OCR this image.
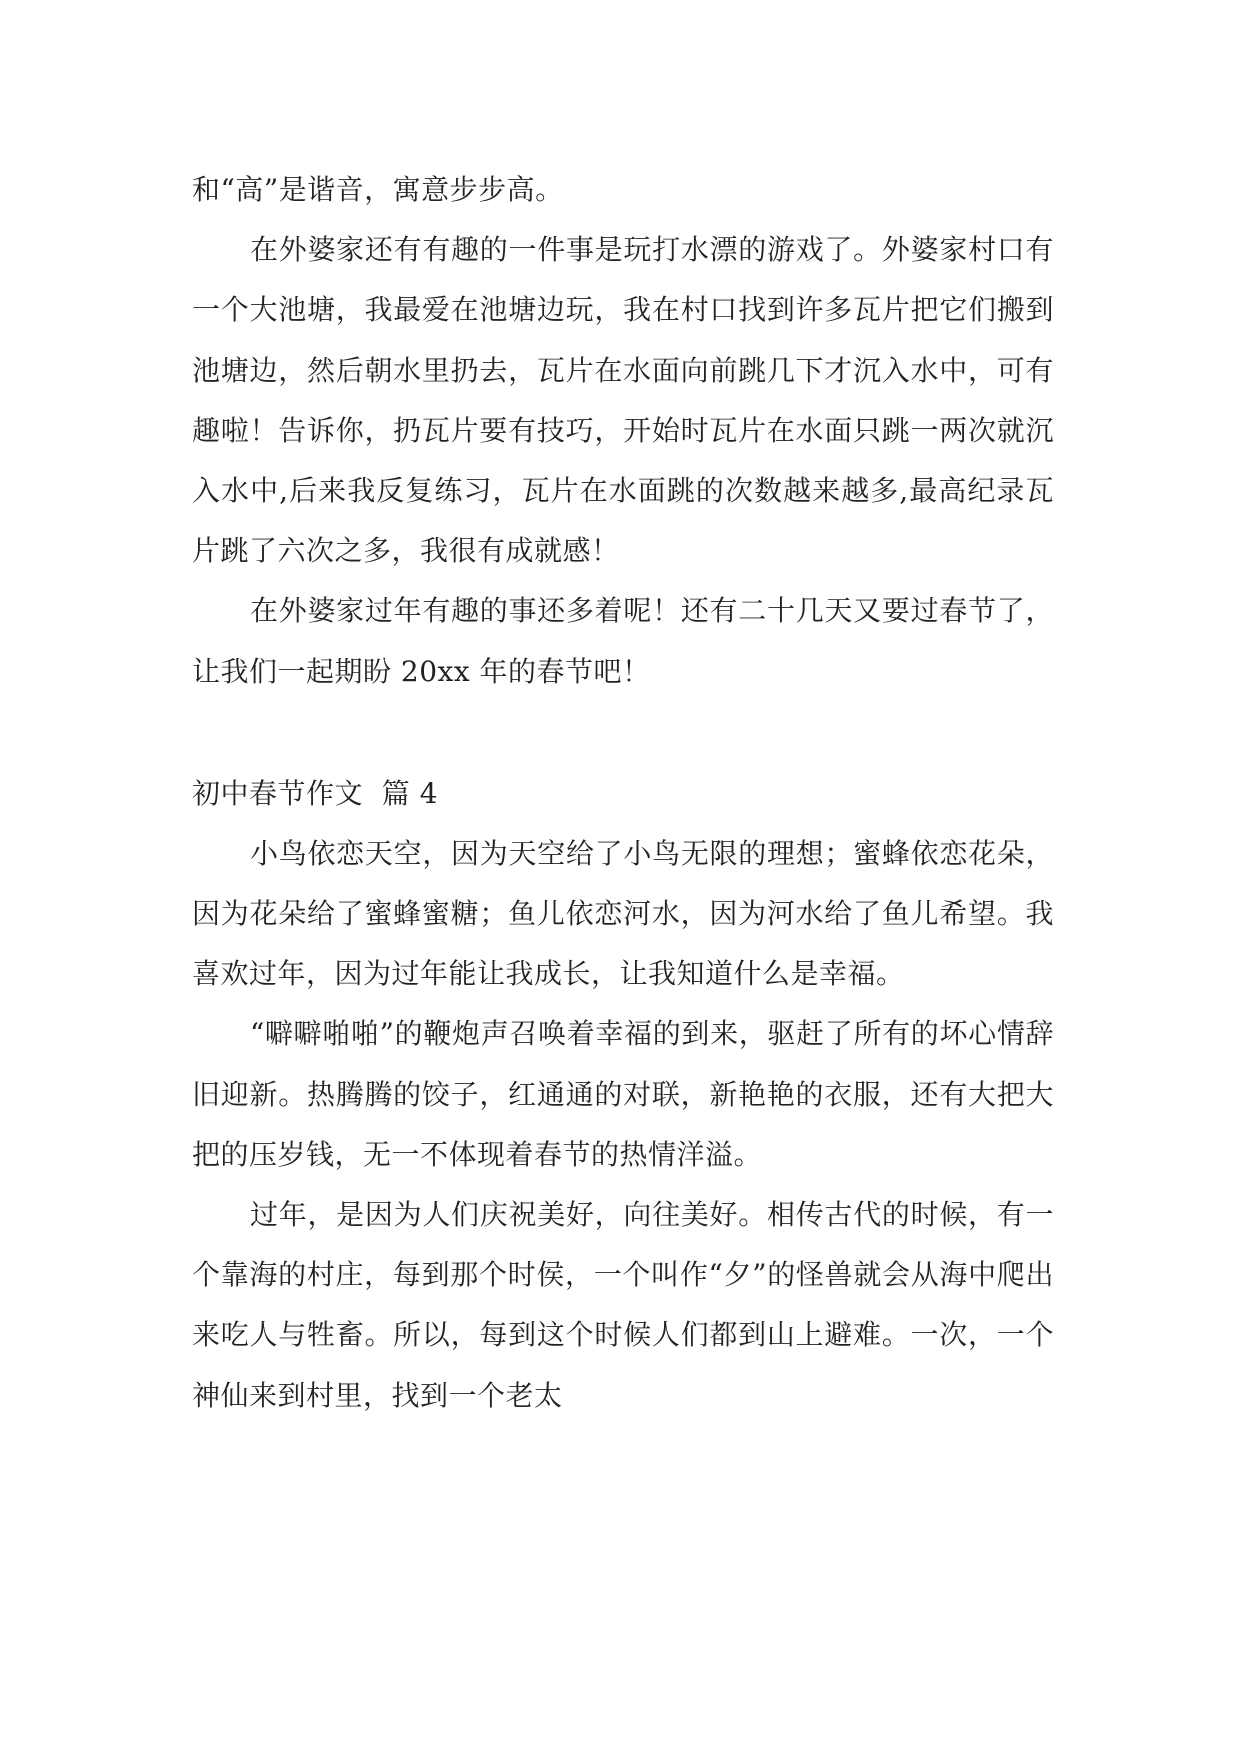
和“高”是谐音，寓意步步高。

在外婆家还有有趣的一件事是玩打水漂的游戏了。外婆家村口有一个大池塘，我最爱在池塘边玩，我在村口找到许多瓦片把它们搬到池塘边，然后朝水里扔去，瓦片在水面向前跳几下才沉入水中，可有趣啦！告诉你，扔瓦片要有技巧，开始时瓦片在水面只跳一两次就沉入水中,后来我反复练习，瓦片在水面跳的次数越来越多,最高纪录瓦片跳了六次之多，我很有成就感！

在外婆家过年有趣的事还多着呢！还有二十几天又要过春节了，让我们一起期盼 20xx 年的春节吧！

初中春节作文  篇 4

小鸟依恋天空，因为天空给了小鸟无限的理想；蜜蜂依恋花朵，因为花朵给了蜜蜂蜜糖；鱼儿依恋河水，因为河水给了鱼儿希望。我喜欢过年，因为过年能让我成长，让我知道什么是幸福。

“噼噼啪啪”的鞭炮声召唤着幸福的到来，驱赶了所有的坏心情辞旧迎新。热腾腾的饺子，红通通的对联，新艳艳的衣服，还有大把大把的压岁钱，无一不体现着春节的热情洋溢。

过年，是因为人们庆祝美好，向往美好。相传古代的时候，有一个靠海的村庄，每到那个时侯，一个叫作“夕”的怪兽就会从海中爬出来吃人与牲畜。所以，每到这个时候人们都到山上避难。一次，一个神仙来到村里，找到一个老太
